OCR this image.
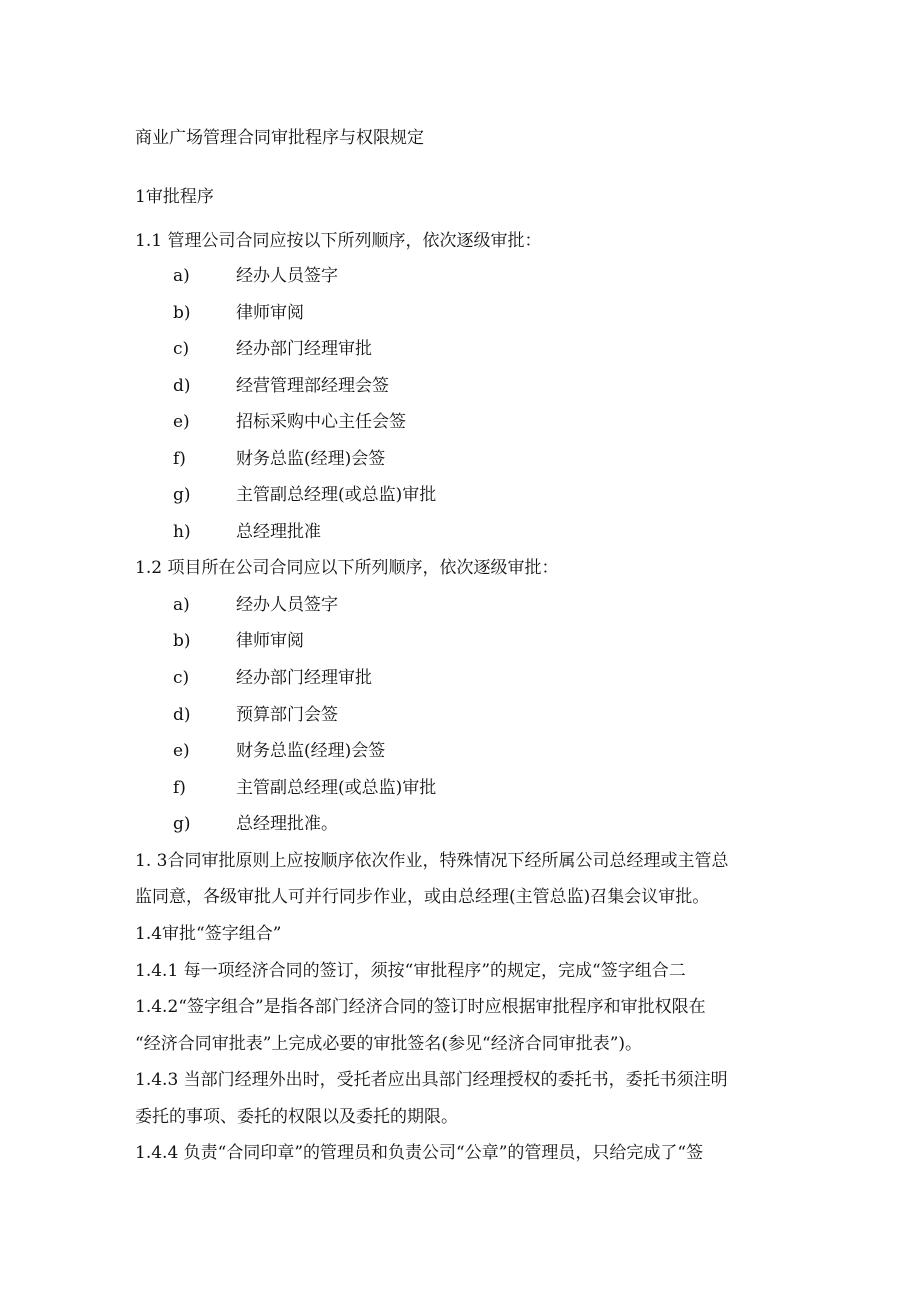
商业广场管理合同审批程序与权限规定
1审批程序
1.1 管理公司合同应按以下所列顺序，依次逐级审批：
a)	经办人员签字
b)	律师审阅
c)	经办部门经理审批
d)	经营管理部经理会签
e)	招标采购中心主任会签
f)	财务总监(经理)会签
g)	主管副总经理(或总监)审批
h)	总经理批准
1.2 项目所在公司合同应以下所列顺序，依次逐级审批：
a)	经办人员签字
b)	律师审阅
c)	经办部门经理审批
d)	预算部门会签
e)	财务总监(经理)会签
f)	主管副总经理(或总监)审批
g)	总经理批准。
1. 3合同审批原则上应按顺序依次作业，特殊情况下经所属公司总经理或主管总
监同意，各级审批人可并行同步作业，或由总经理(主管总监)召集会议审批。
1.4审批“签字组合”
1.4.1 每一项经济合同的签订，须按“审批程序”的规定，完成“签字组合二
1.4.2“签字组合”是指各部门经济合同的签订时应根据审批程序和审批权限在
“经济合同审批表”上完成必要的审批签名(参见“经济合同审批表”)。
1.4.3 当部门经理外出时，受托者应出具部门经理授权的委托书，委托书须注明
委托的事项、委托的权限以及委托的期限。
1.4.4 负责“合同印章”的管理员和负责公司“公章”的管理员，只给完成了“签
